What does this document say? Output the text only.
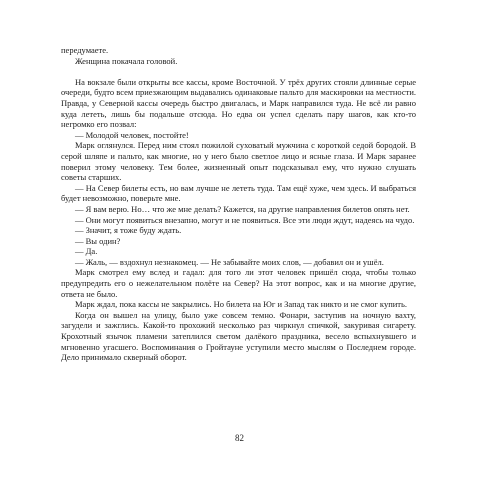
передумаете.

Женщина покачала головой.

На вокзале были открыты все кассы, кроме Восточной. У трёх других стояли длинные серые очереди, будто всем приезжающим выдавались одинаковые пальто для маскировки на местности. Правда, у Северной кассы очередь быстро двигалась, и Марк направился туда. Не всё ли равно куда лететь, лишь бы подальше отсюда. Но едва он успел сделать пару шагов, как кто-то негромко его позвал:

— Молодой человек, постойте!

Марк оглянулся. Перед ним стоял пожилой суховатый мужчина с короткой седой бородой. В серой шляпе и пальто, как многие, но у него было светлое лицо и ясные глаза. И Марк заранее поверил этому человеку. Тем более, жизненный опыт подсказывал ему, что нужно слушать советы старших.

— На Север билеты есть, но вам лучше не лететь туда. Там ещё хуже, чем здесь. И выбраться будет невозможно, поверьте мне.

— Я вам верю. Но… что же мне делать? Кажется, на другие направления билетов опять нет.

— Они могут появиться внезапно, могут и не появиться. Все эти люди ждут, надеясь на чудо.

— Значит, я тоже буду ждать.

— Вы один?

— Да.

— Жаль, — вздохнул незнакомец. — Не забывайте моих слов, — добавил он и ушёл.

Марк смотрел ему вслед и гадал: для того ли этот человек пришёл сюда, чтобы только предупредить его о нежелательном полёте на Север? На этот вопрос, как и на многие другие, ответа не было.

Марк ждал, пока кассы не закрылись. Но билета на Юг и Запад так никто и не смог купить.

Когда он вышел на улицу, было уже совсем темно. Фонари, заступив на ночную вахту, загудели и зажглись. Какой-то прохожий несколько раз чиркнул спичкой, закуривая сигарету. Крохотный язычок пламени затеплился светом далёкого праздника, весело вспыхнувшего и мгновенно угасшего. Воспоминания о Гройтауне уступили место мыслям о Последнем городе. Дело принимало скверный оборот.

82
